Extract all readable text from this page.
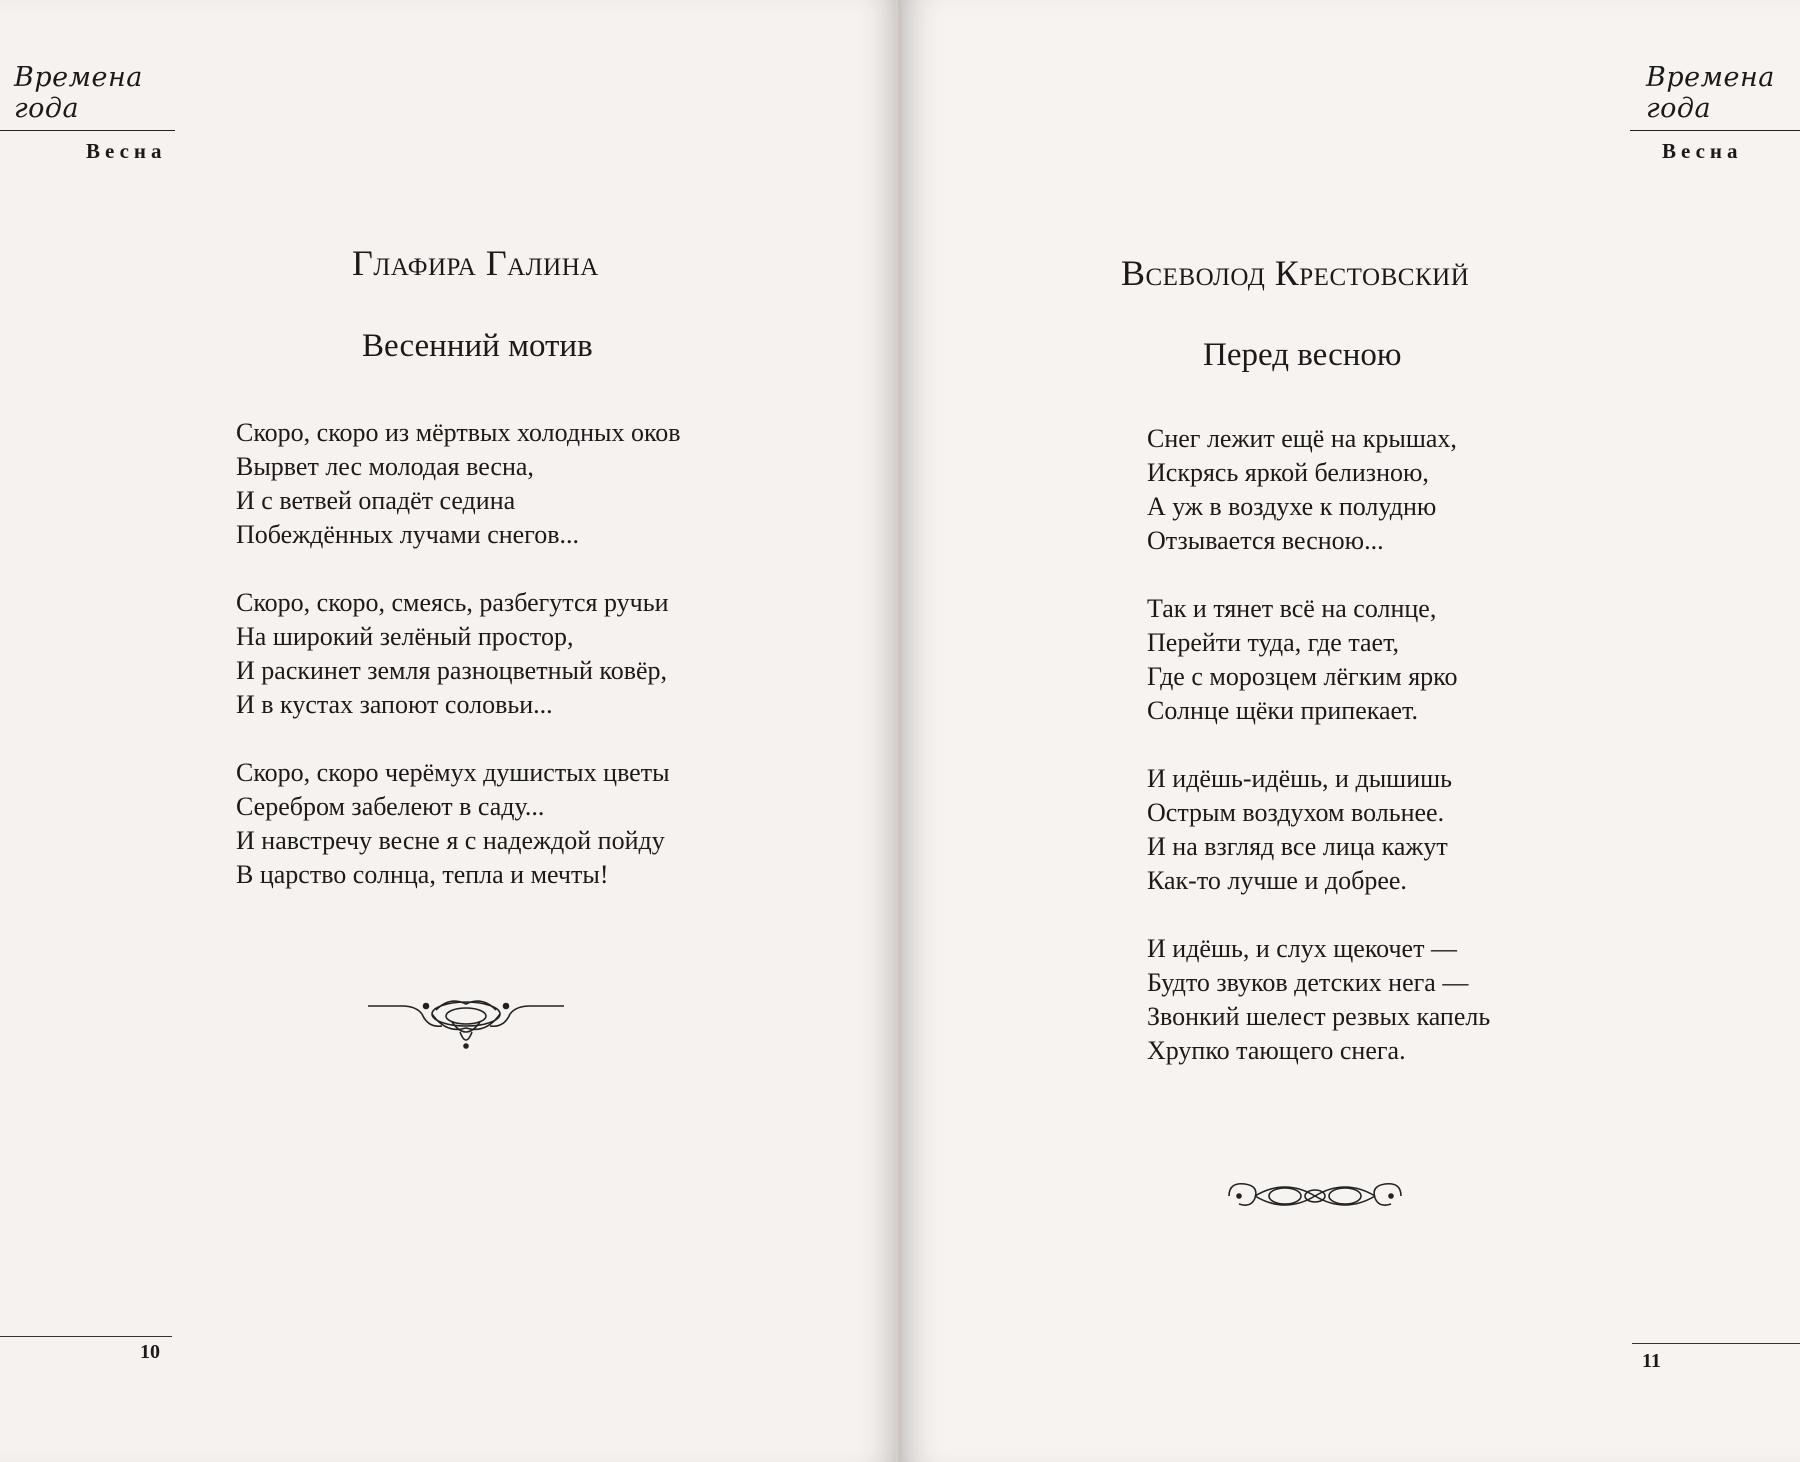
Времена года
Весна
Глафира Галина
Весенний мотив
Скоро, скоро из мёртвых холодных оков
Вырвет лес молодая весна,
И с ветвей опадёт седина
Побеждённых лучами снегов...
Скоро, скоро, смеясь, разбегутся ручьи
На широкий зелёный простор,
И раскинет земля разноцветный ковёр,
И в кустах запоют соловьи...
Скоро, скоро черёмух душистых цветы
Серебром забелеют в саду...
И навстречу весне я с надеждой пойду
В царство солнца, тепла и мечты!
10
Времена года
Весна
Всеволод Крестовский
Перед весною
Снег лежит ещё на крышах,
Искрясь яркой белизною,
А уж в воздухе к полудню
Отзывается весною...
Так и тянет всё на солнце,
Перейти туда, где тает,
Где с морозцем лёгким ярко
Солнце щёки припекает.
И идёшь-идёшь, и дышишь
Острым воздухом вольнее.
И на взгляд все лица кажут
Как-то лучше и добрее.
И идёшь, и слух щекочет —
Будто звуков детских нега —
Звонкий шелест резвых капель
Хрупко тающего снега.
11
